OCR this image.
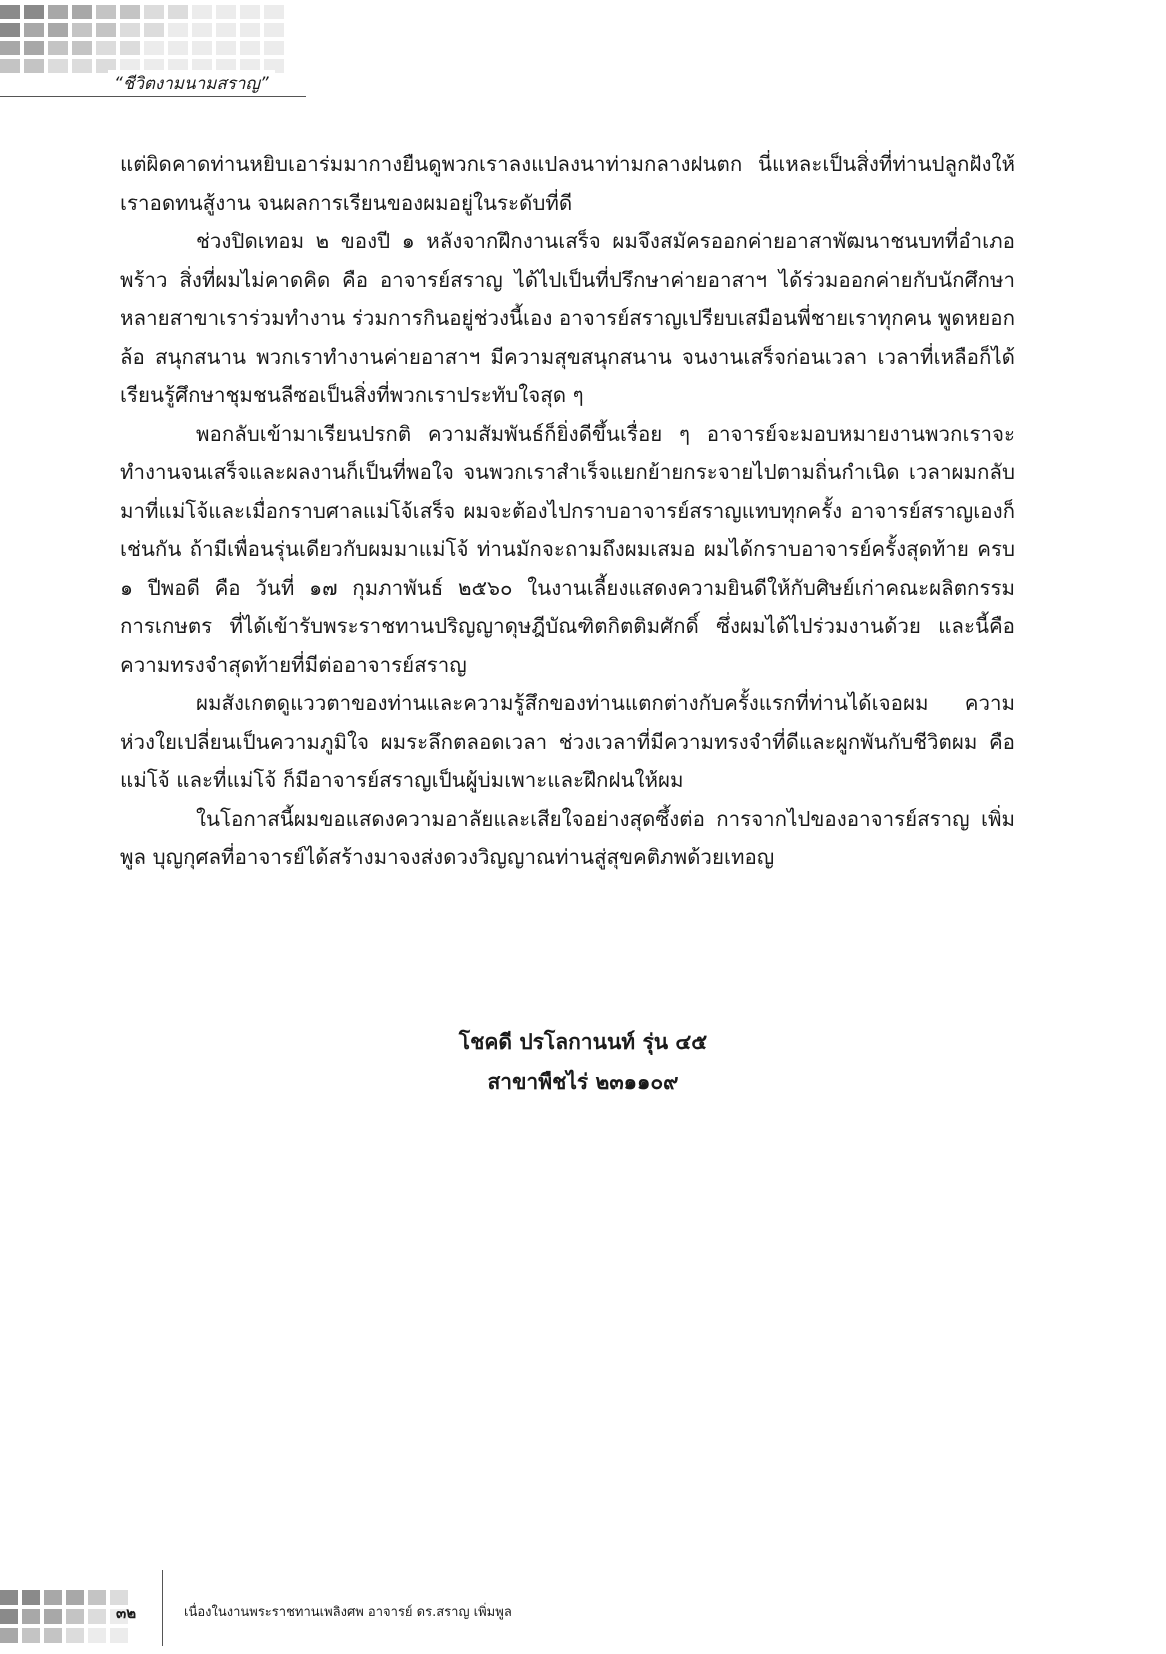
“ชีวิตงามนามสราญ”

แต่ผิดคาดท่านหยิบเอาร่มมากางยืนดูพวกเราลงแปลงนาท่ามกลางฝนตก นี่แหละเป็นสิ่งที่ท่านปลูกฝังให้เราอดทนสู้งาน จนผลการเรียนของผมอยู่ในระดับที่ดี

ช่วงปิดเทอม ๒ ของปี ๑ หลังจากฝึกงานเสร็จ ผมจึงสมัครออกค่ายอาสาพัฒนาชนบทที่อำเภอพร้าว สิ่งที่ผมไม่คาดคิด คือ อาจารย์สราญ ได้ไปเป็นที่ปรึกษาค่ายอาสาฯ ได้ร่วมออกค่ายกับนักศึกษาหลายสาขาเราร่วมทำงาน ร่วมการกินอยู่ช่วงนี้เอง อาจารย์สราญเปรียบเสมือนพี่ชายเราทุกคน พูดหยอกล้อ สนุกสนาน พวกเราทำงานค่ายอาสาฯ มีความสุขสนุกสนาน จนงานเสร็จก่อนเวลา เวลาที่เหลือก็ได้เรียนรู้ศึกษาชุมชนลีซอเป็นสิ่งที่พวกเราประทับใจสุด ๆ

พอกลับเข้ามาเรียนปรกติ ความสัมพันธ์ก็ยิ่งดีขึ้นเรื่อย ๆ อาจารย์จะมอบหมายงานพวกเราจะทำงานจนเสร็จและผลงานก็เป็นที่พอใจ จนพวกเราสำเร็จแยกย้ายกระจายไปตามถิ่นกำเนิด เวลาผมกลับมาที่แม่โจ้และเมื่อกราบศาลแม่โจ้เสร็จ ผมจะต้องไปกราบอาจารย์สราญแทบทุกครั้ง อาจารย์สราญเองก็เช่นกัน ถ้ามีเพื่อนรุ่นเดียวกับผมมาแม่โจ้ ท่านมักจะถามถึงผมเสมอ ผมได้กราบอาจารย์ครั้งสุดท้าย ครบ ๑ ปีพอดี คือ วันที่ ๑๗ กุมภาพันธ์ ๒๕๖๐ ในงานเลี้ยงแสดงความยินดีให้กับศิษย์เก่าคณะผลิตกรรมการเกษตร ที่ได้เข้ารับพระราชทานปริญญาดุษฎีบัณฑิตกิตติมศักดิ์ ซึ่งผมได้ไปร่วมงานด้วย และนี้คือความทรงจำสุดท้ายที่มีต่ออาจารย์สราญ

ผมสังเกตดูแววตาของท่านและความรู้สึกของท่านแตกต่างกับครั้งแรกที่ท่านได้เจอผม ความห่วงใยเปลี่ยนเป็นความภูมิใจ ผมระลึกตลอดเวลา ช่วงเวลาที่มีความทรงจำที่ดีและผูกพันกับชีวิตผม คือ แม่โจ้ และที่แม่โจ้ ก็มีอาจารย์สราญเป็นผู้บ่มเพาะและฝึกฝนให้ผม

ในโอกาสนี้ผมขอแสดงความอาลัยและเสียใจอย่างสุดซึ้งต่อ การจากไปของอาจารย์สราญ เพิ่มพูล บุญกุศลที่อาจารย์ได้สร้างมาจงส่งดวงวิญญาณท่านสู่สุขคติภพด้วยเทอญ

โชคดี ปรโลกานนท์ รุ่น ๔๕
สาขาพืชไร่ ๒๓๑๑๐๙
๓๒	เนื่องในงานพระราชทานเพลิงศพ อาจารย์ ดร.สราญ เพิ่มพูล
